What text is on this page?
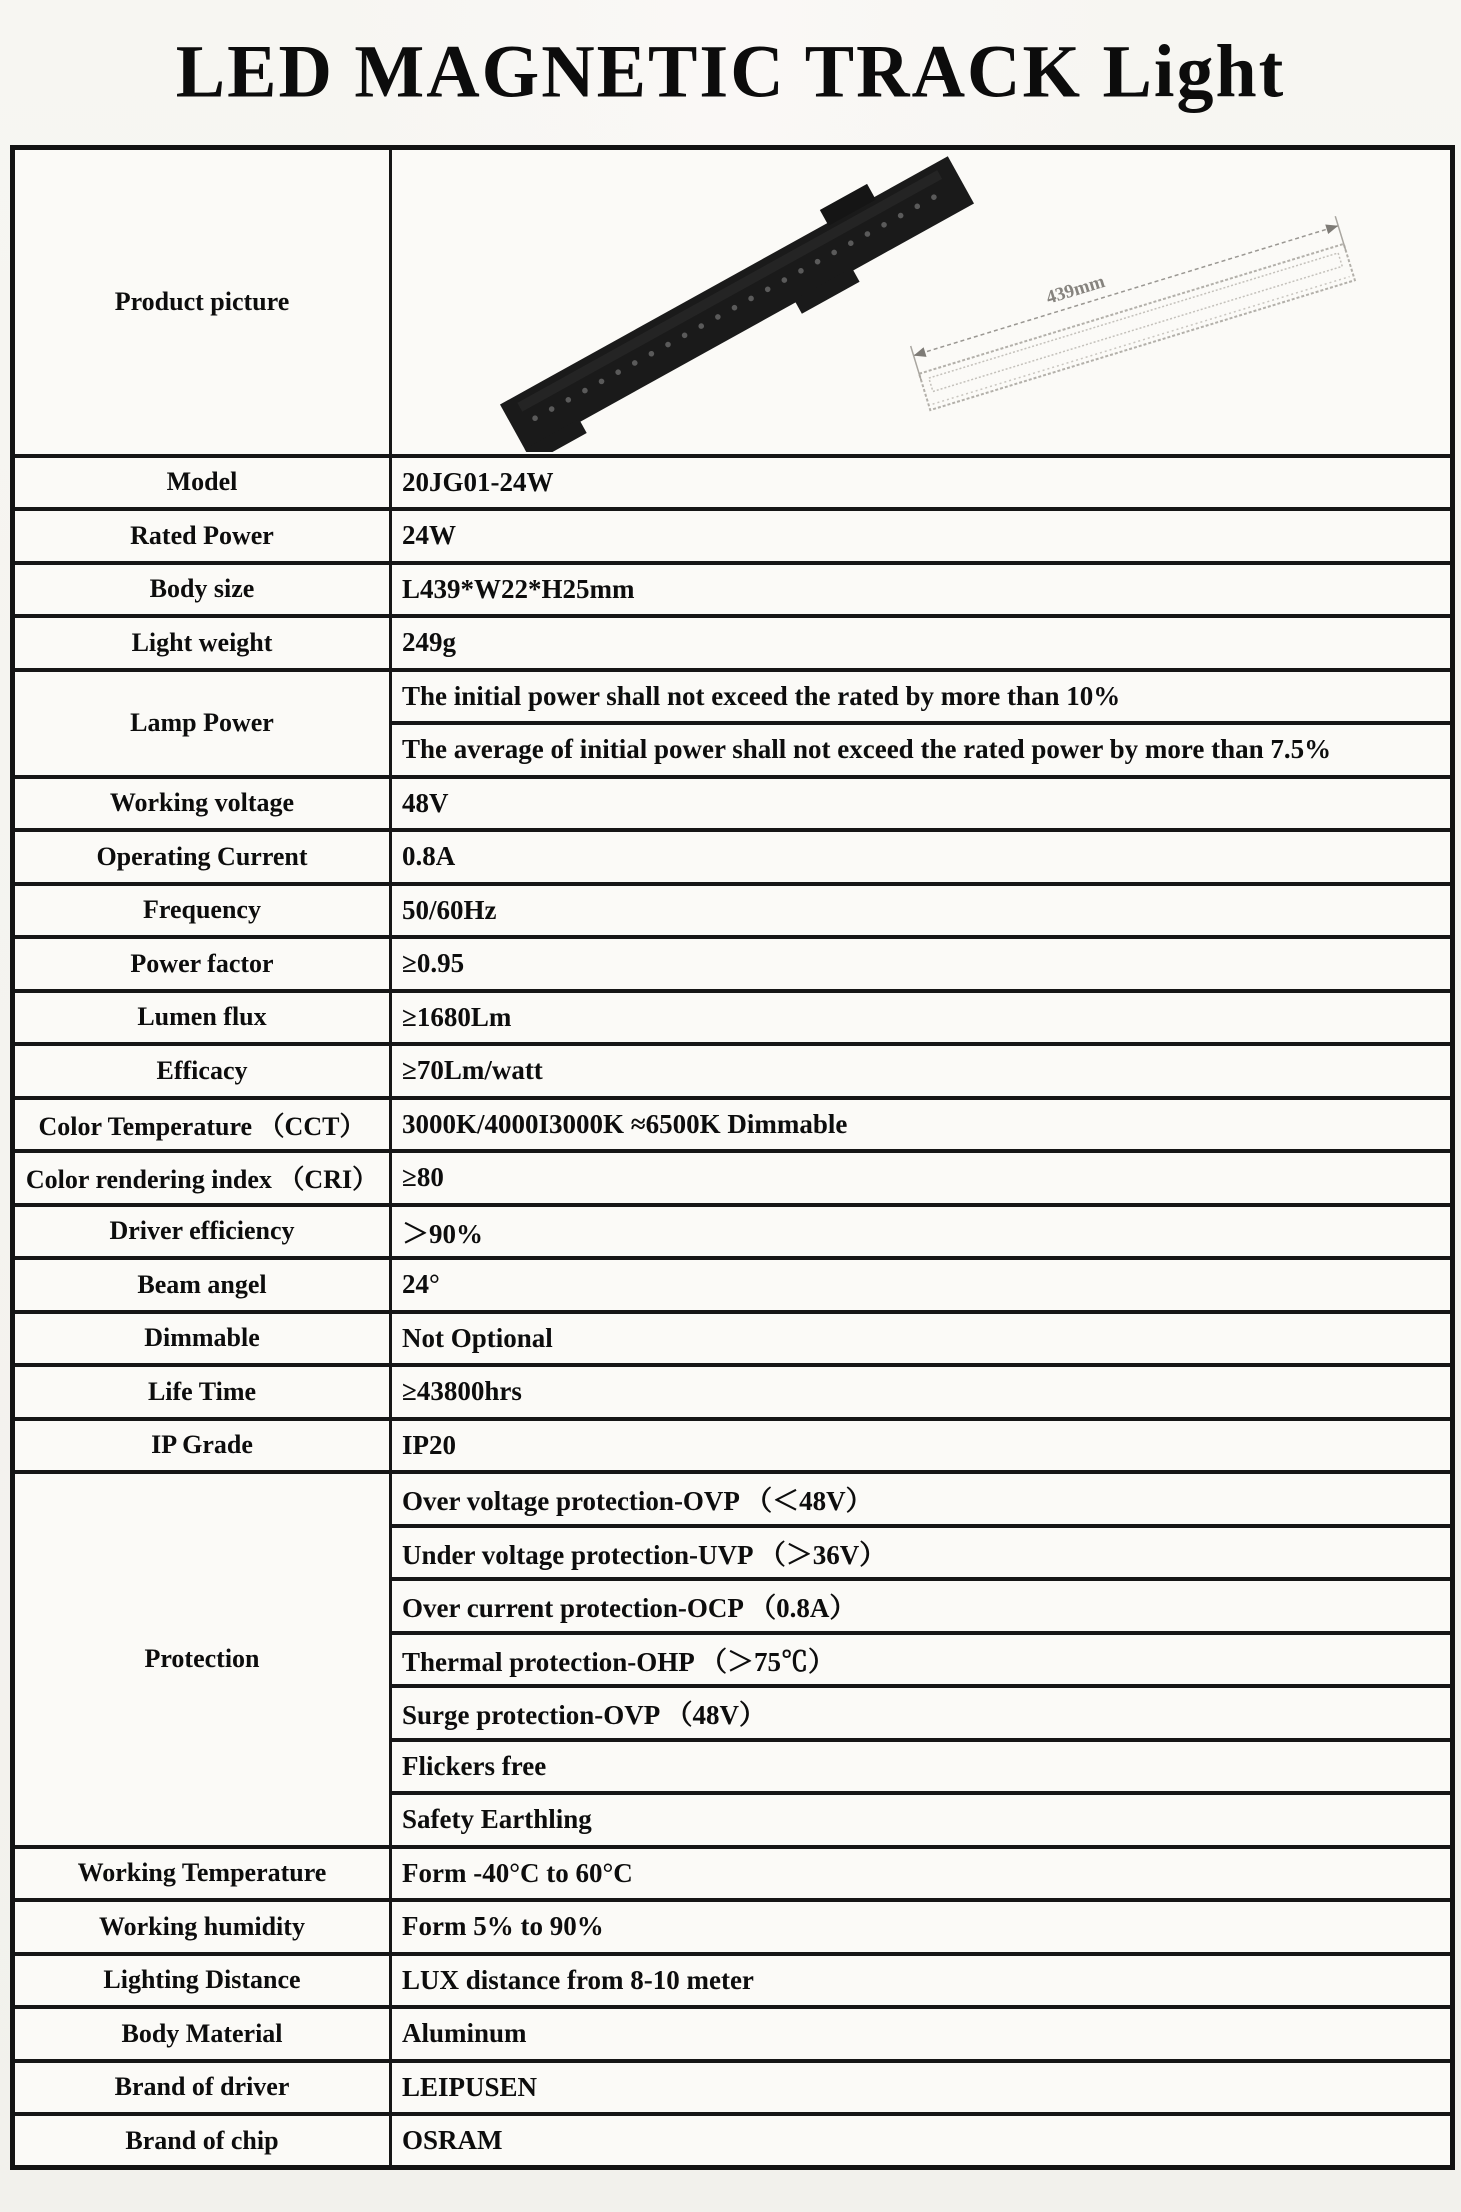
LED MAGNETIC TRACK Light
Product picture	439mm

Model	20JG01-24W
Rated Power	24W
Body size	L439*W22*H25mm
Light weight	249g
Lamp Power	The initial power shall not exceed the rated by more than 10%
	The average of initial power shall not exceed the rated power by more than 7.5%
Working voltage	48V
Operating Current	0.8A
Frequency	50/60Hz
Power factor	≥0.95
Lumen flux	≥1680Lm
Efficacy	≥70Lm/watt
Color Temperature （CCT）	3000K/4000I3000K ≈6500K Dimmable
Color rendering index （CRI）	≥80
Driver efficiency	＞90%
Beam angel	24°
Dimmable	Not Optional
Life Time	≥43800hrs
IP Grade	IP20
Protection	Over voltage protection-OVP （＜48V）
	Under voltage protection-UVP （＞36V）
	Over current protection-OCP （0.8A）
	Thermal protection-OHP （＞75℃）
	Surge protection-OVP （48V）
	Flickers free
	Safety Earthling
Working Temperature	Form -40°C to 60°C
Working humidity	Form 5% to 90%
Lighting Distance	LUX distance from 8-10 meter
Body Material	Aluminum
Brand of driver	LEIPUSEN
Brand of chip	OSRAM
